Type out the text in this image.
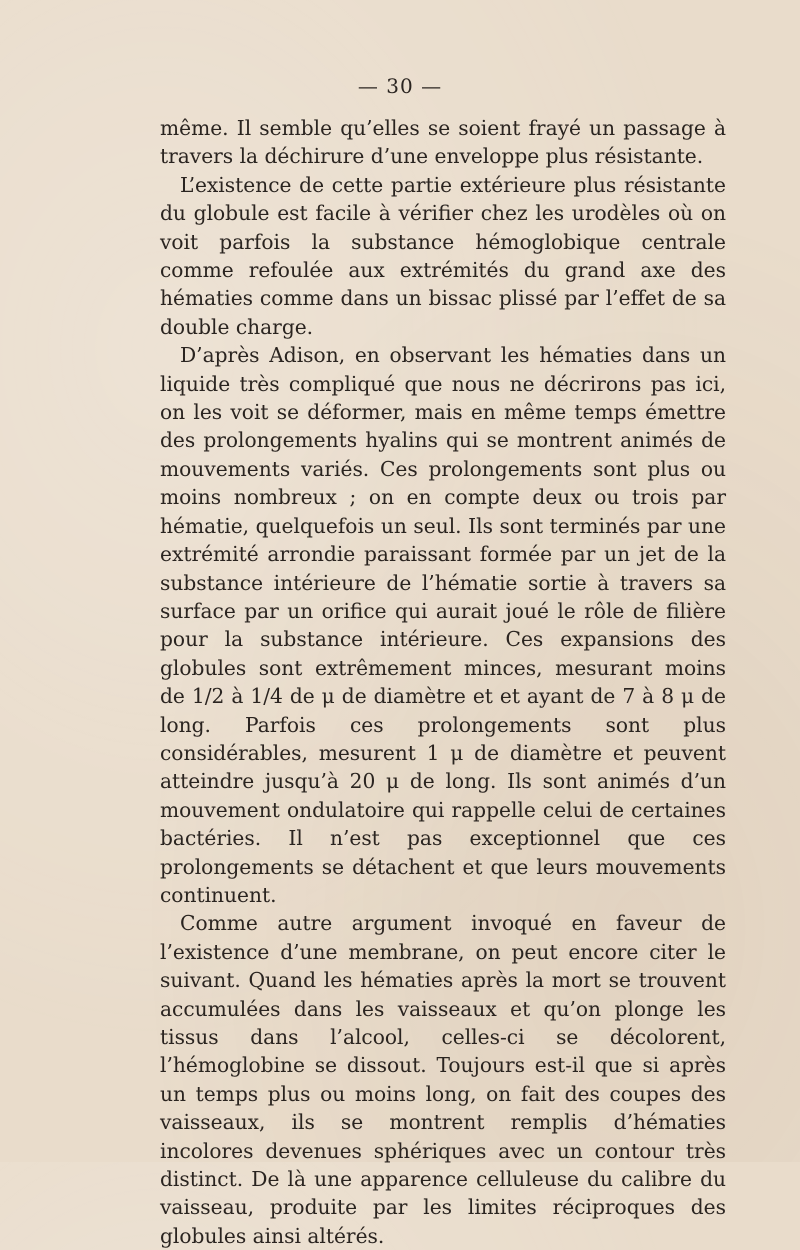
— 30 —

même. Il semble qu’elles se soient frayé un passage à travers la déchirure d’une enveloppe plus résistante.

L’existence de cette partie extérieure plus résistante du globule est facile à vérifier chez les urodèles où on voit parfois la substance hémoglobique centrale comme refoulée aux extrémités du grand axe des hématies comme dans un bissac plissé par l’effet de sa double charge.

D’après Adison, en observant les hématies dans un liquide très compliqué que nous ne décrirons pas ici, on les voit se déformer, mais en même temps émettre des prolongements hyalins qui se montrent animés de mouvements variés. Ces prolongements sont plus ou moins nombreux ; on en compte deux ou trois par hématie, quelquefois un seul. Ils sont terminés par une extrémité arrondie paraissant formée par un jet de la substance intérieure de l’hématie sortie à travers sa surface par un orifice qui aurait joué le rôle de filière pour la substance intérieure. Ces expansions des globules sont extrêmement minces, mesurant moins de 1/2 à 1/4 de μ de diamètre et et ayant de 7 à 8 μ de long. Parfois ces prolongements sont plus considérables, mesurent 1 μ de diamètre et peuvent atteindre jusqu’à 20 μ de long. Ils sont animés d’un mouvement ondulatoire qui rappelle celui de certaines bactéries. Il n’est pas exceptionnel que ces prolongements se détachent et que leurs mouvements continuent.

Comme autre argument invoqué en faveur de l’existence d’une membrane, on peut encore citer le suivant. Quand les hématies après la mort se trouvent accumulées dans les vaisseaux et qu’on plonge les tissus dans l’alcool, celles-ci se décolorent, l’hémoglobine se dissout. Toujours est-il que si après un temps plus ou moins long, on fait des coupes des vaisseaux, ils se montrent remplis d’hématies incolores devenues sphériques avec un contour très distinct. De là une apparence celluleuse du calibre du vaisseau, produite par les limites réciproques des globules ainsi altérés.
